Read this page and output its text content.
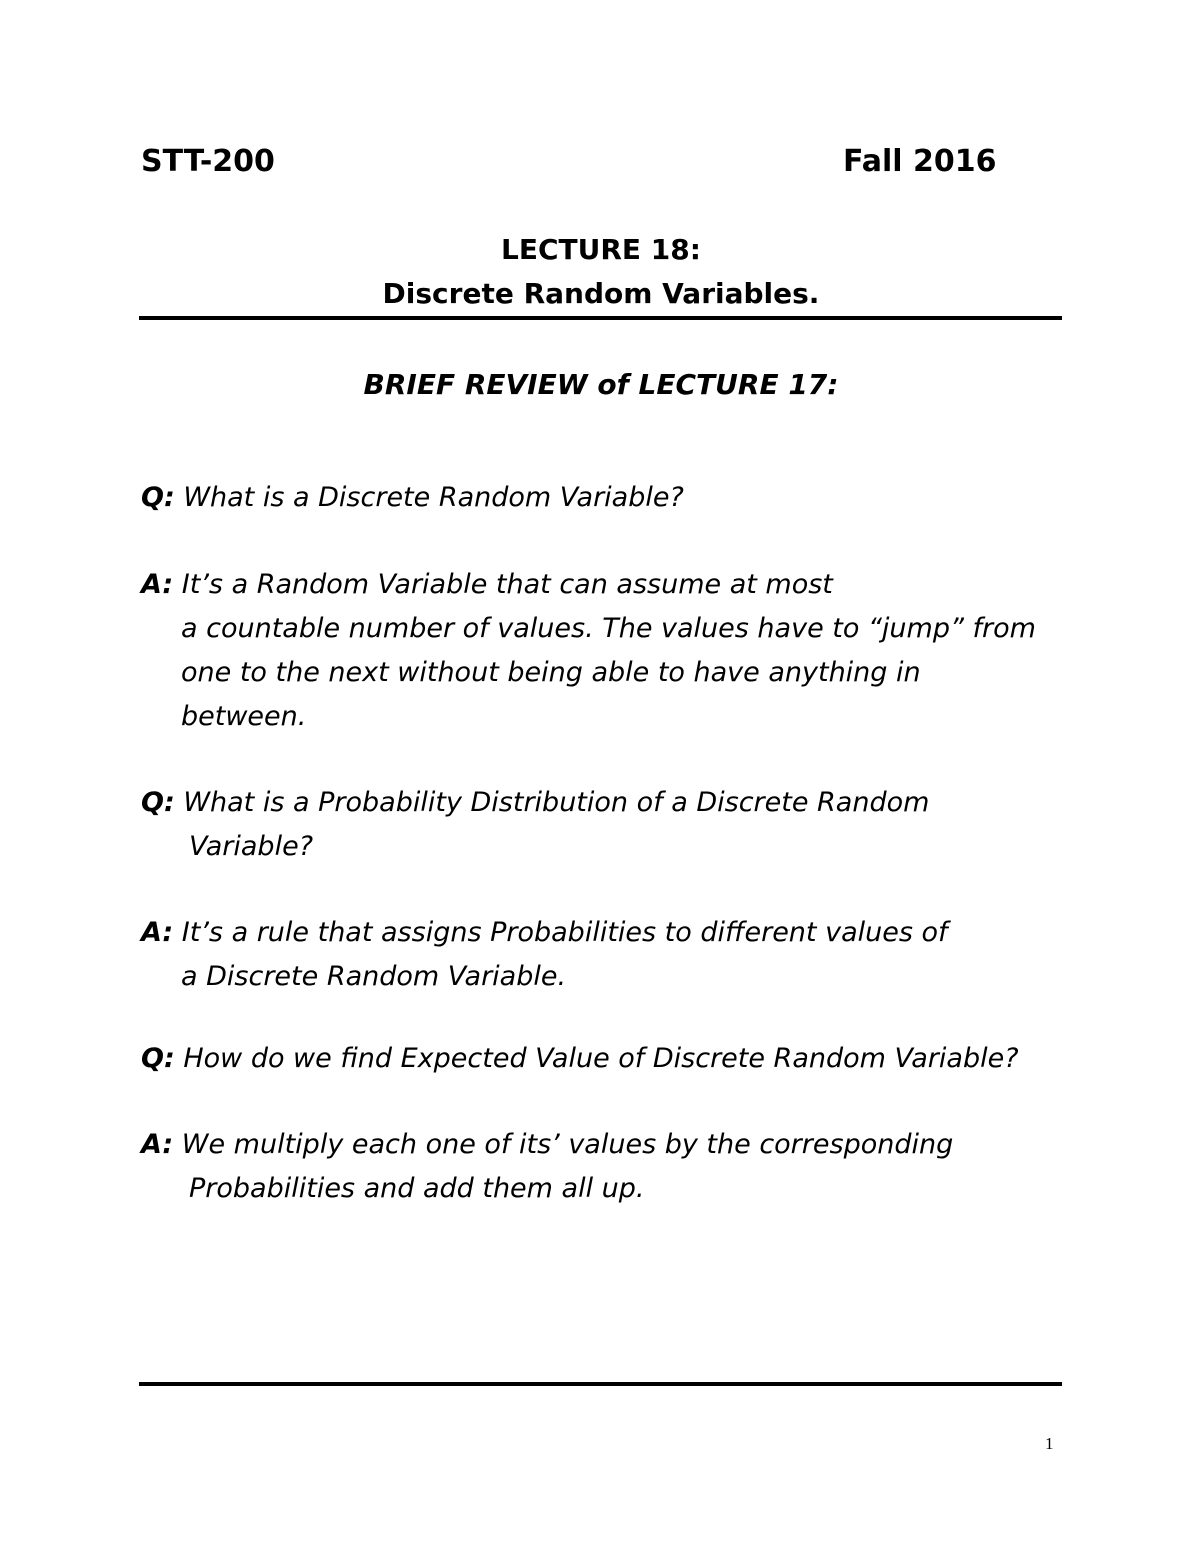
STT-200	Fall 2016
LECTURE 18:
Discrete Random Variables.
BRIEF REVIEW of LECTURE 17:
Q: What is a Discrete Random Variable?
A: It’s a Random Variable that can assume at most
a countable number of values. The values have to “jump” from
one to the next without being able to have anything in
between.
Q: What is a Probability Distribution of a Discrete Random
Variable?
A: It’s a rule that assigns Probabilities to different values of
a Discrete Random Variable.
Q: How do we find Expected Value of Discrete Random Variable?
A: We multiply each one of its’ values by the corresponding
Probabilities and add them all up.
1
